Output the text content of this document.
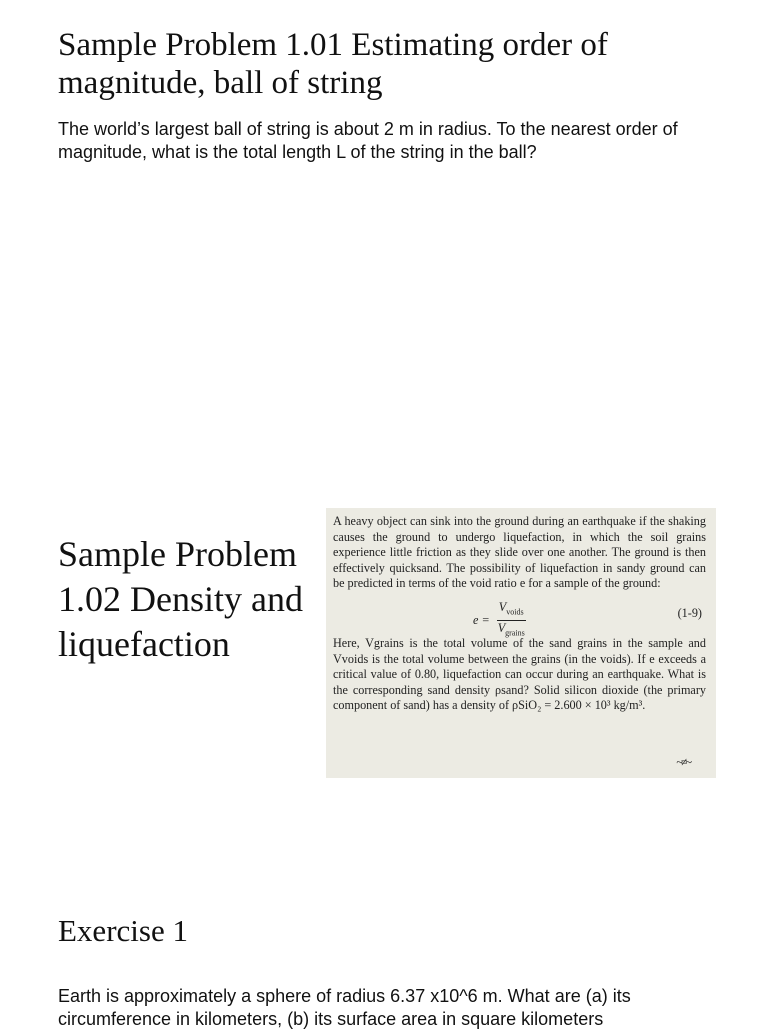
Sample Problem 1.01 Estimating order of magnitude, ball of string
The world’s largest ball of string is about 2 m in radius. To the nearest order of magnitude, what is the total length L of the string in the ball?
Sample Problem 1.02 Density and liquefaction
A heavy object can sink into the ground during an earthquake if the shaking causes the ground to undergo liquefaction, in which the soil grains experience little friction as they slide over one another. The ground is then effectively quicksand. The possibility of liquefaction in sandy ground can be predicted in terms of the void ratio e for a sample of the ground:
$e = \frac{V_{voids}}{V_{grains}}$	(1-9)
Here, Vgrains is the total volume of the sand grains in the sample and Vvoids is the total volume between the grains (in the voids). If e exceeds a critical value of 0.80, liquefaction can occur during an earthquake. What is the corresponding sand density ρsand? Solid silicon dioxide (the primary component of sand) has a density of ρSiO₂ = 2.600 × 10³ kg/m³.
~≠~
Exercise 1
Earth is approximately a sphere of radius 6.37 x10^6 m. What are (a) its circumference in kilometers, (b) its surface area in square kilometers
